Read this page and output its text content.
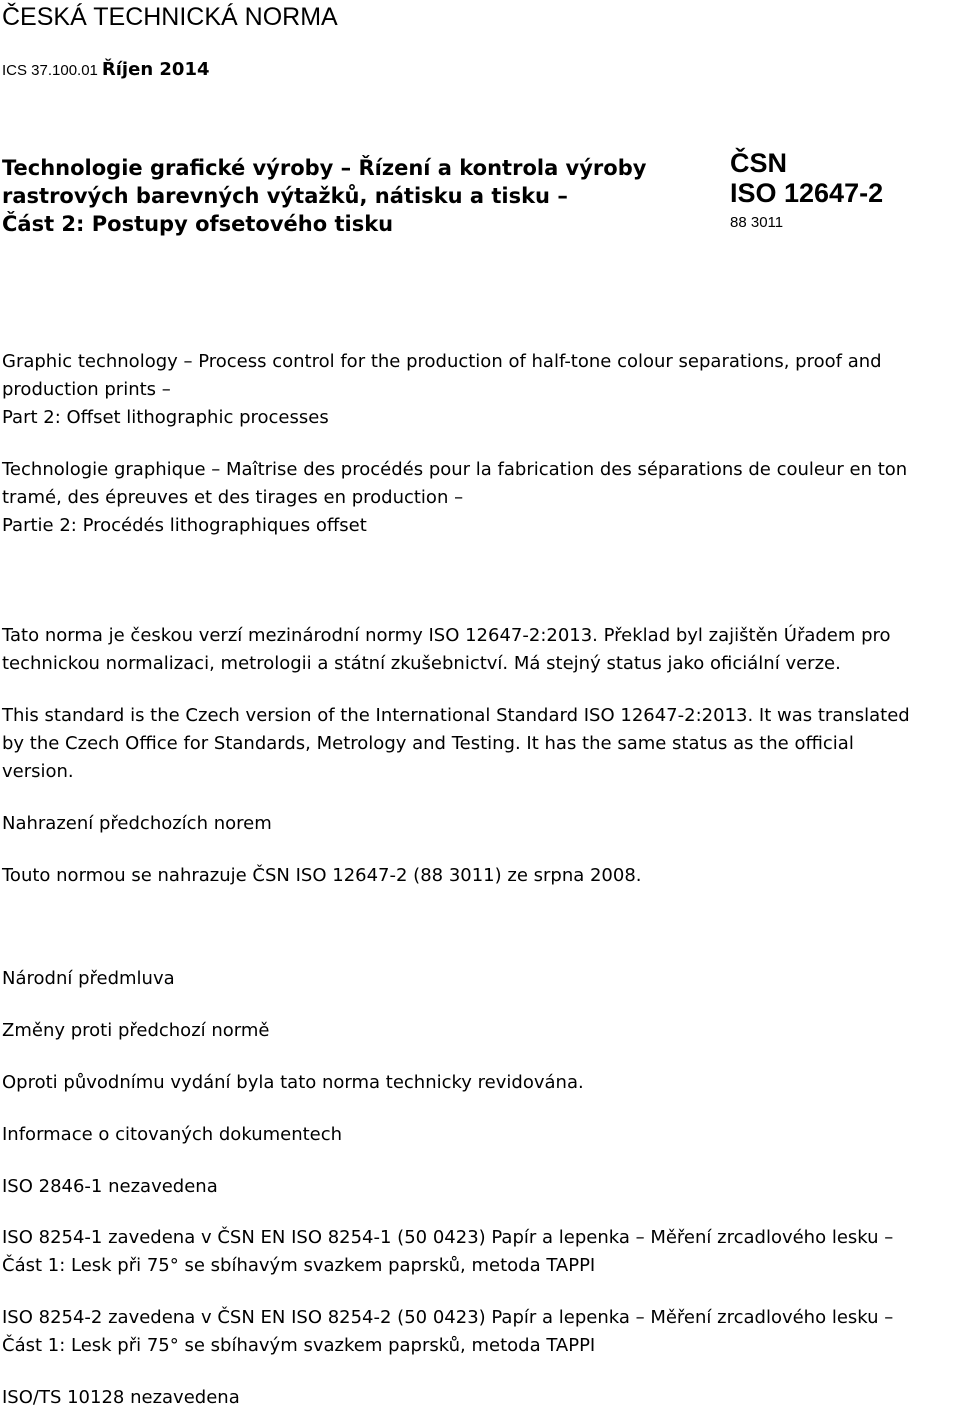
ČESKÁ TECHNICKÁ NORMA
ICS 37.100.01 Říjen 2014
Technologie grafické výroby – Řízení a kontrola výroby
rastrových barevných výtažků, nátisku a tisku –
Část 2: Postupy ofsetového tisku
ČSN
ISO 12647-2
88 3011
Graphic technology – Process control for the production of half-tone colour separations, proof and
production prints –
Part 2: Offset lithographic processes
Technologie graphique – Maîtrise des procédés pour la fabrication des séparations de couleur en ton
tramé, des épreuves et des tirages en production –
Partie 2: Procédés lithographiques offset
Tato norma je českou verzí mezinárodní normy ISO 12647-2:2013. Překlad byl zajištěn Úřadem pro
technickou normalizaci, metrologii a státní zkušebnictví. Má stejný status jako oficiální verze.
This standard is the Czech version of the International Standard ISO 12647-2:2013. It was translated
by the Czech Office for Standards, Metrology and Testing. It has the same status as the official
version.
Nahrazení předchozích norem
Touto normou se nahrazuje ČSN ISO 12647-2 (88 3011) ze srpna 2008.
Národní předmluva
Změny proti předchozí normě
Oproti původnímu vydání byla tato norma technicky revidována.
Informace o citovaných dokumentech
ISO 2846-1 nezavedena
ISO 8254-1 zavedena v ČSN EN ISO 8254-1 (50 0423) Papír a lepenka – Měření zrcadlového lesku –
Část 1: Lesk při 75° se sbíhavým svazkem paprsků, metoda TAPPI
ISO 8254-2 zavedena v ČSN EN ISO 8254-2 (50 0423) Papír a lepenka – Měření zrcadlového lesku –
Část 1: Lesk při 75° se sbíhavým svazkem paprsků, metoda TAPPI
ISO/TS 10128 nezavedena
